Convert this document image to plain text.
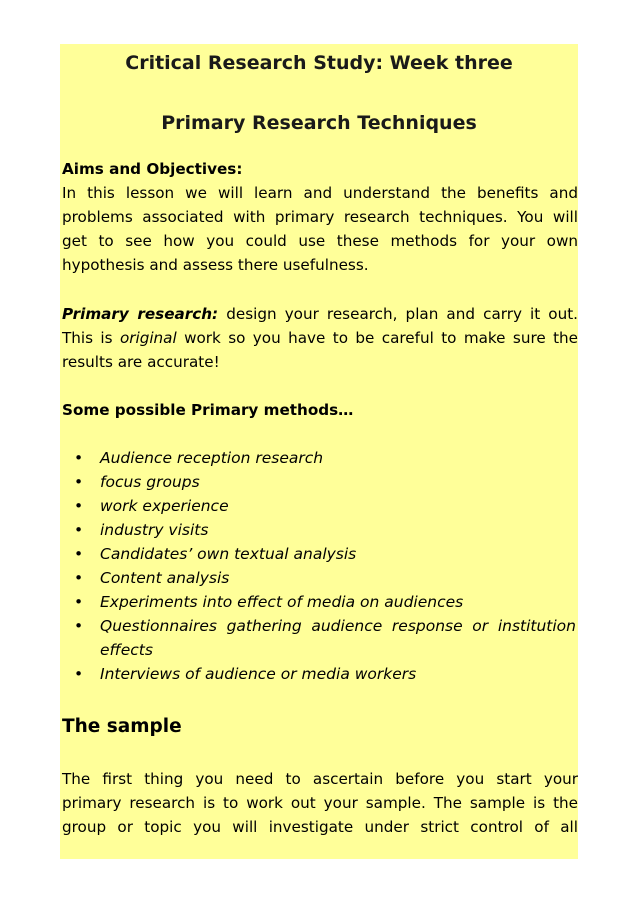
Critical Research Study: Week three
Primary Research Techniques
Aims and Objectives:
In this lesson we will learn and understand the benefits and
problems associated with primary research techniques. You will
get to see how you could use these methods for your own
hypothesis and assess there usefulness.
Primary research: design your research, plan and carry it out.
This is original work so you have to be careful to make sure the
results are accurate!
Some possible Primary methods…
• Audience reception research
• focus groups
• work experience
• industry visits
• Candidates’ own textual analysis
• Content analysis
• Experiments into effect of media on audiences
• Questionnaires gathering audience response or institution
effects
• Interviews of audience or media workers
The sample
The first thing you need to ascertain before you start your
primary research is to work out your sample. The sample is the
group or topic you will investigate under strict control of all
